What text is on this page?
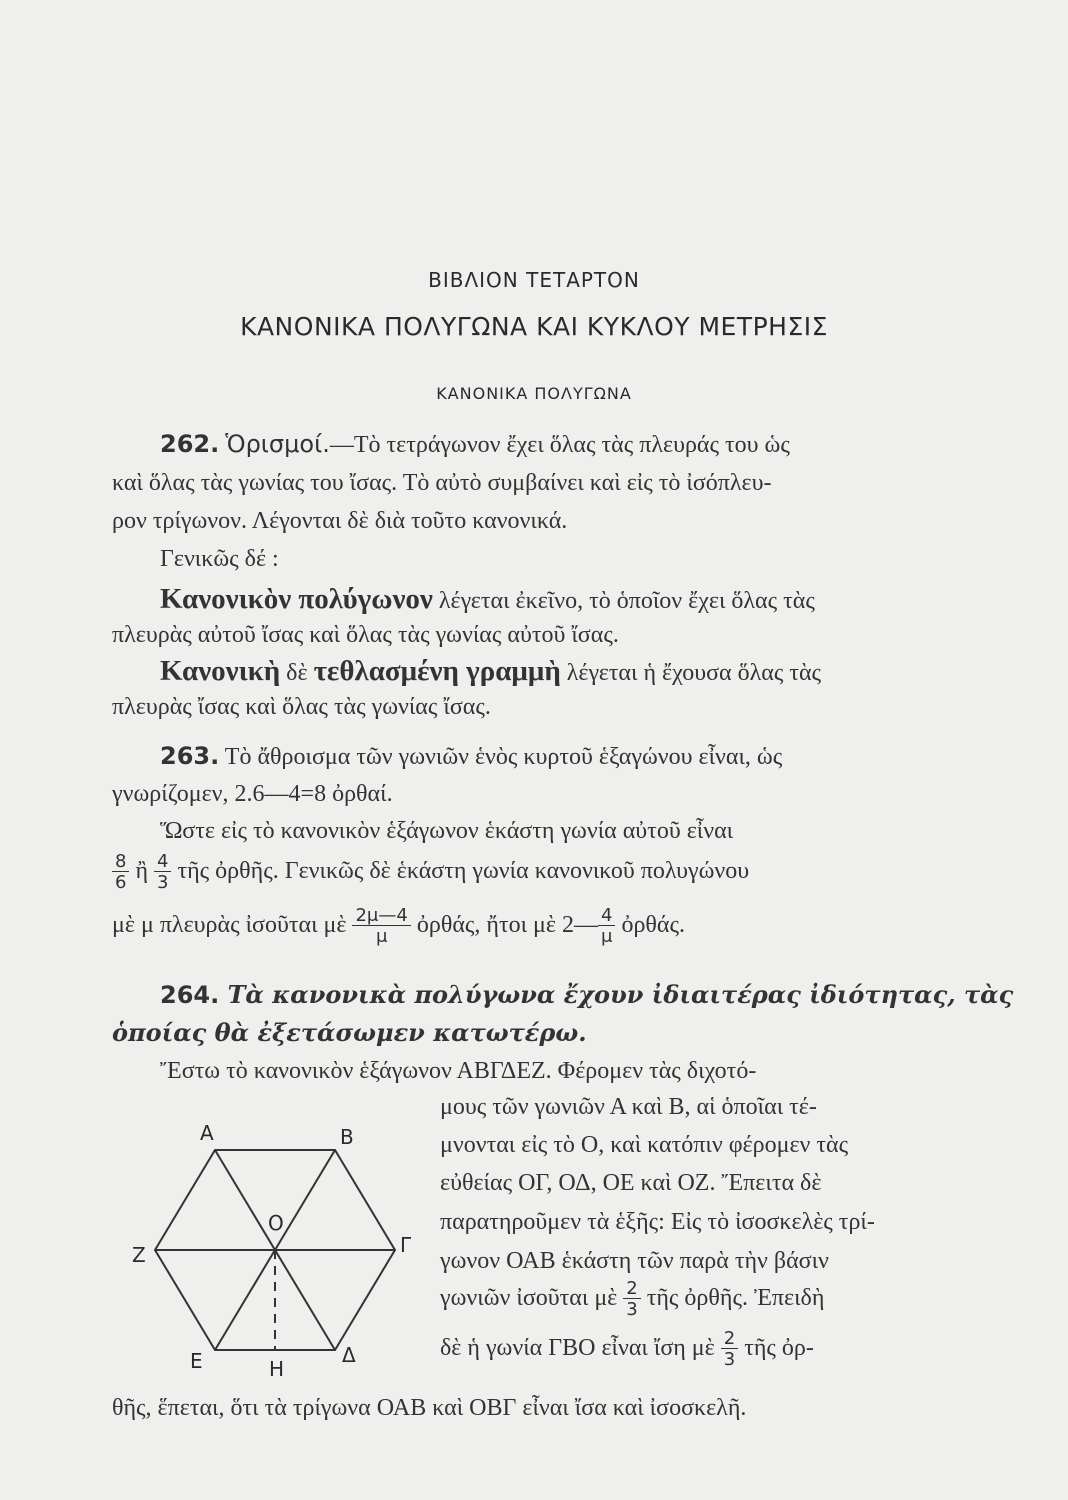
ΒΙΒΛΙΟΝ ΤΕΤΑΡΤΟΝ

ΚΑΝΟΝΙΚΑ ΠΟΛΥΓΩΝΑ ΚΑΙ ΚΥΚΛΟΥ ΜΕΤΡΗΣΙΣ

ΚΑΝΟΝΙΚΑ ΠΟΛΥΓΩΝΑ

262. Ὁρισμοί.—Τὸ τετράγωνον ἔχει ὅλας τὰς πλευράς του ὡς

καὶ ὅλας τὰς γωνίας του ἴσας. Τὸ αὐτὸ συμβαίνει καὶ εἰς τὸ ἰσόπλευ-

ρον τρίγωνον. Λέγονται δὲ διὰ τοῦτο κανονικά.

Γενικῶς δέ :

Κανονικὸν πολύγωνον λέγεται ἐκεῖνο, τὸ ὁποῖον ἔχει ὅλας τὰς

πλευρὰς αὐτοῦ ἴσας καὶ ὅλας τὰς γωνίας αὐτοῦ ἴσας.

Κανονικὴ δὲ τεθλασμένη γραμμὴ λέγεται ἡ ἔχουσα ὅλας τὰς

πλευρὰς ἴσας καὶ ὅλας τὰς γωνίας ἴσας.

263. Τὸ ἄθροισμα τῶν γωνιῶν ἑνὸς κυρτοῦ ἑξαγώνου εἶναι, ὡς

γνωρίζομεν, 2.6—4=8 ὀρθαί.

Ὥστε εἰς τὸ κανονικὸν ἑξάγωνον ἑκάστη γωνία αὐτοῦ εἶναι

$\frac{8}{6}$ ἢ $\frac{4}{3}$ τῆς ὀρθῆς. Γενικῶς δὲ ἑκάστη γωνία κανονικοῦ πολυγώνου

μὲ μ πλευρὰς ἰσοῦται μὲ $\frac{2\mu—4}{\mu}$ ὀρθάς, ἤτοι μὲ 2— $\frac{4}{\mu}$ ὀρθάς.

264. Τὰ κανονικὰ πολύγωνα ἔχουν ἰδιαιτέρας ἰδιότητας, τὰς

ὁποίας θὰ ἐξετάσωμεν κατωτέρω.

Ἔστω τὸ κανονικὸν ἑξάγωνον ΑΒΓΔΕΖ. Φέρομεν τὰς διχοτό-

μους τῶν γωνιῶν Α καὶ Β, αἱ ὁποῖαι τέ-

μνονται εἰς τὸ Ο, καὶ κατόπιν φέρομεν τὰς

εὐθείας ΟΓ, ΟΔ, ΟΕ καὶ ΟΖ. Ἔπειτα δὲ

παρατηροῦμεν τὰ ἑξῆς: Εἰς τὸ ἰσοσκελὲς τρί-

γωνον ΟΑΒ ἑκάστη τῶν παρὰ τὴν βάσιν

γωνιῶν ἰσοῦται μὲ $\frac{2}{3}$ τῆς ὀρθῆς. Ἐπειδὴ

δὲ ἡ γωνία ΓΒΟ εἶναι ἴση μὲ $\frac{2}{3}$ τῆς ὀρ-

θῆς, ἕπεται, ὅτι τὰ τρίγωνα ΟΑΒ καὶ ΟΒΓ εἶναι ἴσα καὶ ἰσοσκελῆ.

Α	Β
Γ
Δ
Ε
Ζ
Ο
Η
